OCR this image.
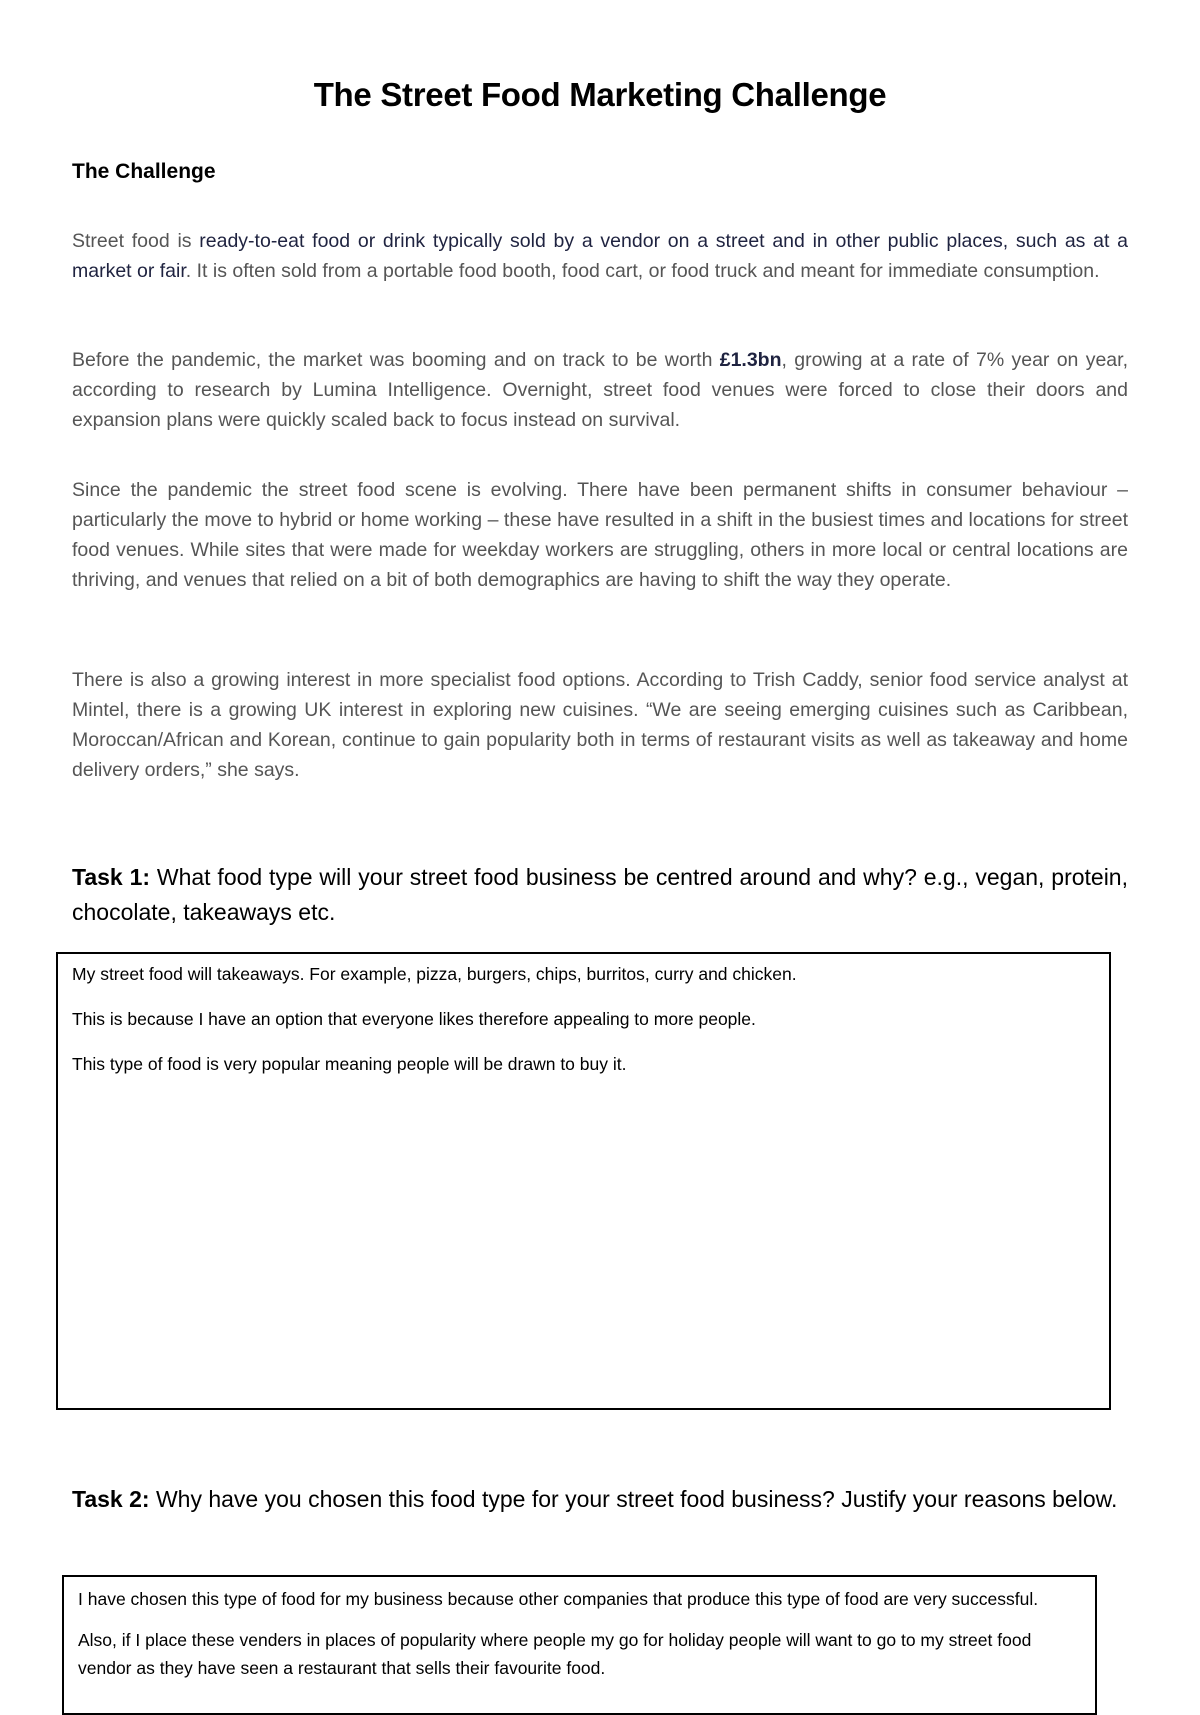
The Street Food Marketing Challenge
The Challenge

Street food is ready-to-eat food or drink typically sold by a vendor on a street and in other public places, such as at a market or fair. It is often sold from a portable food booth, food cart, or food truck and meant for immediate consumption.

Before the pandemic, the market was booming and on track to be worth £1.3bn, growing at a rate of 7% year on year, according to research by Lumina Intelligence. Overnight, street food venues were forced to close their doors and expansion plans were quickly scaled back to focus instead on survival.

Since the pandemic the street food scene is evolving. There have been permanent shifts in consumer behaviour – particularly the move to hybrid or home working – these have resulted in a shift in the busiest times and locations for street food venues. While sites that were made for weekday workers are struggling, others in more local or central locations are thriving, and venues that relied on a bit of both demographics are having to shift the way they operate.

There is also a growing interest in more specialist food options. According to Trish Caddy, senior food service analyst at Mintel, there is a growing UK interest in exploring new cuisines. “We are seeing emerging cuisines such as Caribbean, Moroccan/African and Korean, continue to gain popularity both in terms of restaurant visits as well as takeaway and home delivery orders,” she says.

Task 1: What food type will your street food business be centred around and why? e.g., vegan, protein, chocolate, takeaways etc.

My street food will takeaways. For example, pizza, burgers, chips, burritos, curry and chicken.

This is because I have an option that everyone likes therefore appealing to more people.

This type of food is very popular meaning people will be drawn to buy it.

Task 2: Why have you chosen this food type for your street food business? Justify your reasons below.

I have chosen this type of food for my business because other companies that produce this type of food are very successful.

Also, if I place these venders in places of popularity where people my go for holiday people will want to go to my street food vendor as they have seen a restaurant that sells their favourite food.
